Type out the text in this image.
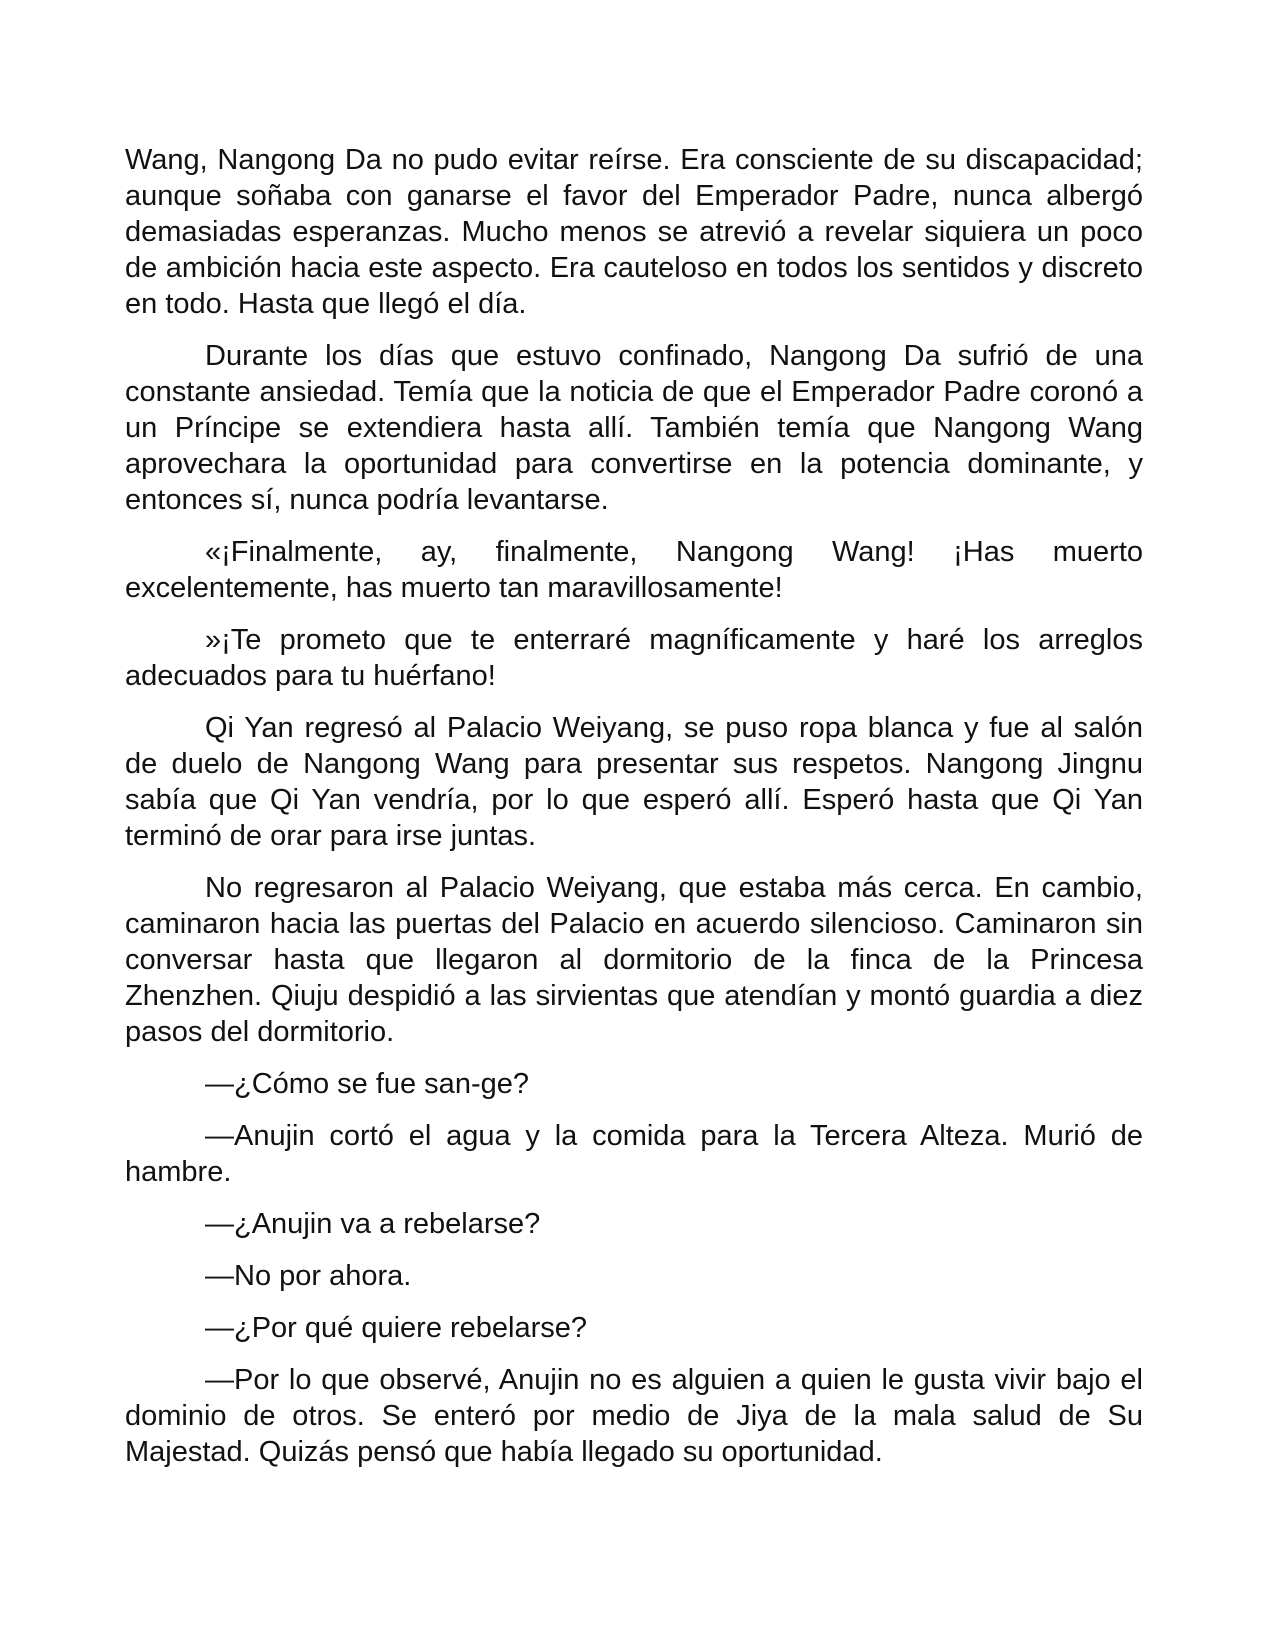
Wang, Nangong Da no pudo evitar reírse. Era consciente de su discapacidad; aunque soñaba con ganarse el favor del Emperador Padre, nunca albergó demasiadas esperanzas. Mucho menos se atrevió a revelar siquiera un poco de ambición hacia este aspecto. Era cauteloso en todos los sentidos y discreto en todo. Hasta que llegó el día.

Durante los días que estuvo confinado, Nangong Da sufrió de una constante ansiedad. Temía que la noticia de que el Emperador Padre coronó a un Príncipe se extendiera hasta allí. También temía que Nangong Wang aprovechara la oportunidad para convertirse en la potencia dominante, y entonces sí, nunca podría levantarse.

«¡Finalmente, ay, finalmente, Nangong Wang! ¡Has muerto excelentemente, has muerto tan maravillosamente!

»¡Te prometo que te enterraré magníficamente y haré los arreglos adecuados para tu huérfano!

Qi Yan regresó al Palacio Weiyang, se puso ropa blanca y fue al salón de duelo de Nangong Wang para presentar sus respetos. Nangong Jingnu sabía que Qi Yan vendría, por lo que esperó allí. Esperó hasta que Qi Yan terminó de orar para irse juntas.

No regresaron al Palacio Weiyang, que estaba más cerca. En cambio, caminaron hacia las puertas del Palacio en acuerdo silencioso. Caminaron sin conversar hasta que llegaron al dormitorio de la finca de la Princesa Zhenzhen. Qiuju despidió a las sirvientas que atendían y montó guardia a diez pasos del dormitorio.

—¿Cómo se fue san-ge?

—Anujin cortó el agua y la comida para la Tercera Alteza. Murió de hambre.

—¿Anujin va a rebelarse?

—No por ahora.

—¿Por qué quiere rebelarse?

—Por lo que observé, Anujin no es alguien a quien le gusta vivir bajo el dominio de otros. Se enteró por medio de Jiya de la mala salud de Su Majestad. Quizás pensó que había llegado su oportunidad.
